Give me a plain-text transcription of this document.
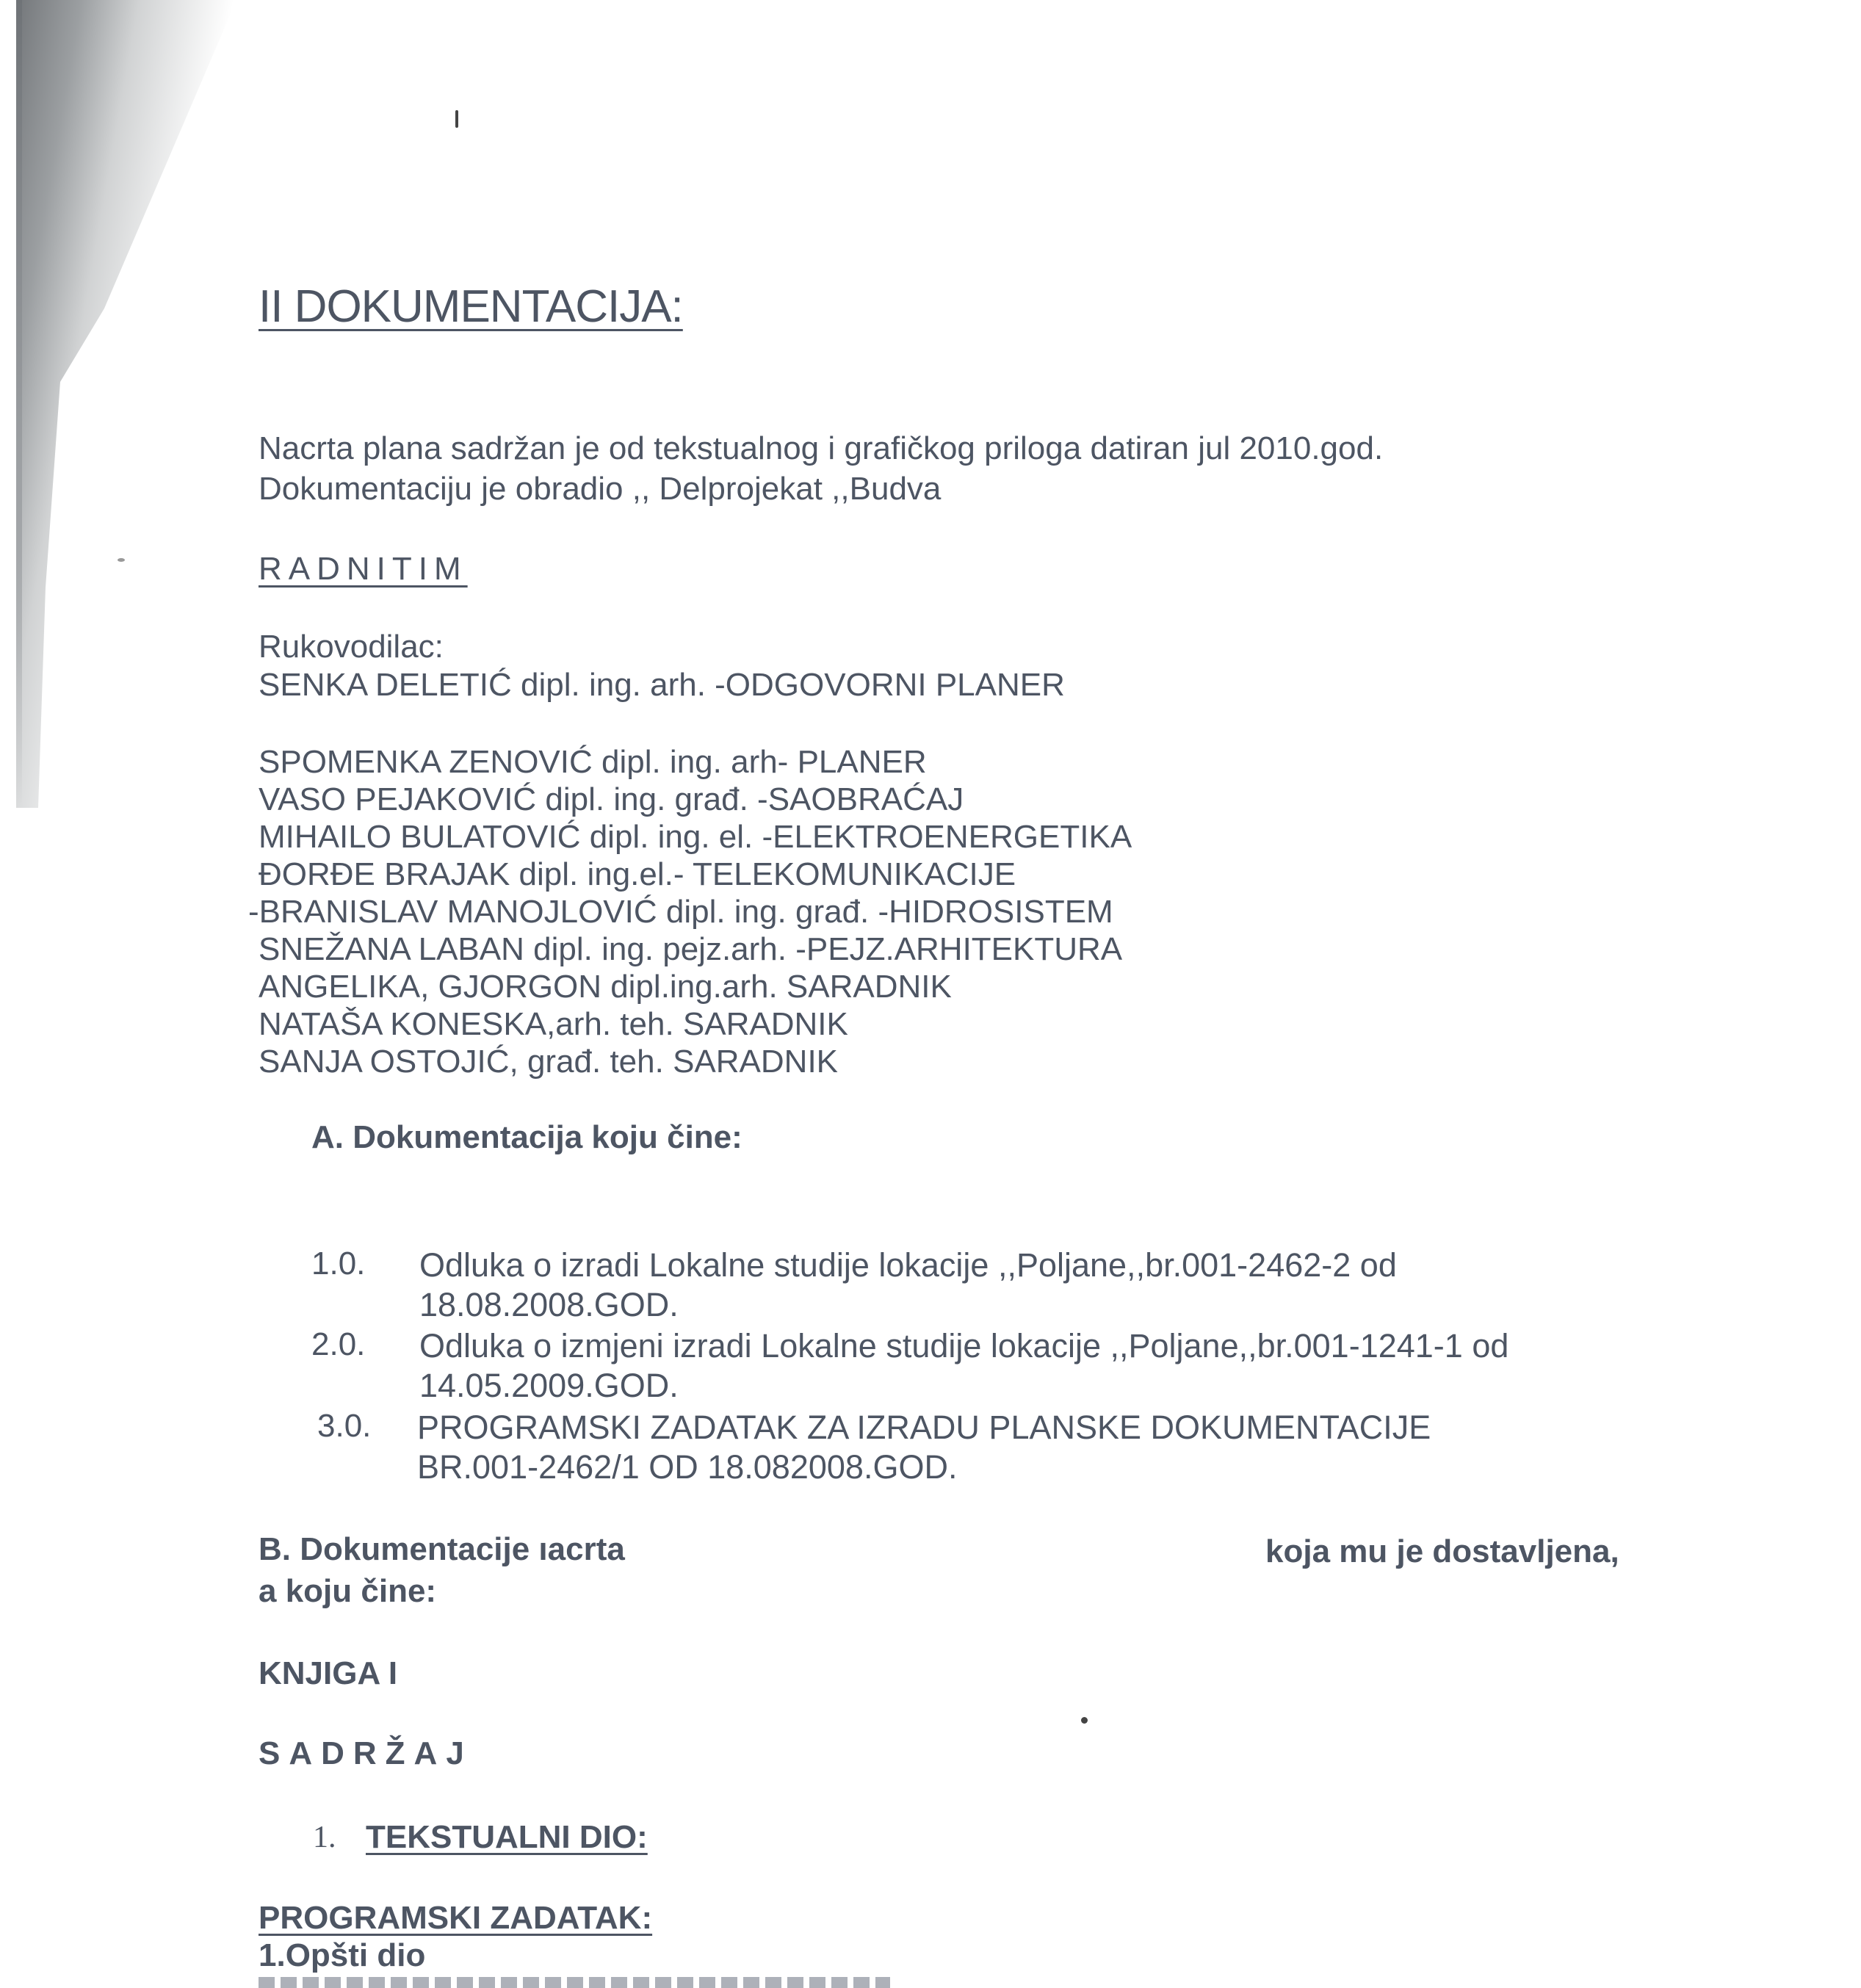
II DOKUMENTACIJA:
Nacrta plana sadržan je od tekstualnog i grafičkog priloga datiran jul 2010.god.
Dokumentaciju je obradio ,, Delprojekat ,,Budva
RADNITIM
Rukovodilac:
SENKA DELETIĆ dipl. ing. arh. -ODGOVORNI PLANER
SPOMENKA ZENOVIĆ dipl. ing. arh- PLANER
VASO PEJAKOVIĆ dipl. ing. građ. -SAOBRAĆAJ
MIHAILO BULATOVIĆ dipl. ing. el. -ELEKTROENERGETIKA
ĐORĐE BRAJAK dipl. ing.el.- TELEKOMUNIKACIJE
-BRANISLAV MANOJLOVIĆ dipl. ing. građ. -HIDROSISTEM
SNEŽANA LABAN dipl. ing. pejz.arh. -PEJZ.ARHITEKTURA
ANGELIKA, GJORGON dipl.ing.arh. SARADNIK
NATAŠA KONESKA,arh. teh. SARADNIK
SANJA OSTOJIĆ, građ. teh. SARADNIK
A. Dokumentacija koju čine:
1.0. Odluka o izradi Lokalne studije lokacije ,,Poljane,,br.001-2462-2 od
18.08.2008.GOD.
2.0. Odluka o izmjeni izradi Lokalne studije lokacije ,,Poljane,,br.001-1241-1 od
14.05.2009.GOD.
3.0. PROGRAMSKI ZADATAK ZA IZRADU PLANSKE DOKUMENTACIJE
BR.001-2462/1 OD 18.082008.GOD.
B. Dokumentacije ıacrta	koja mu je dostavljena,
a koju čine:
KNJIGA I
SADRŽAJ
1. TEKSTUALNI DIO:
PROGRAMSKI ZADATAK:
1.Opšti dio
